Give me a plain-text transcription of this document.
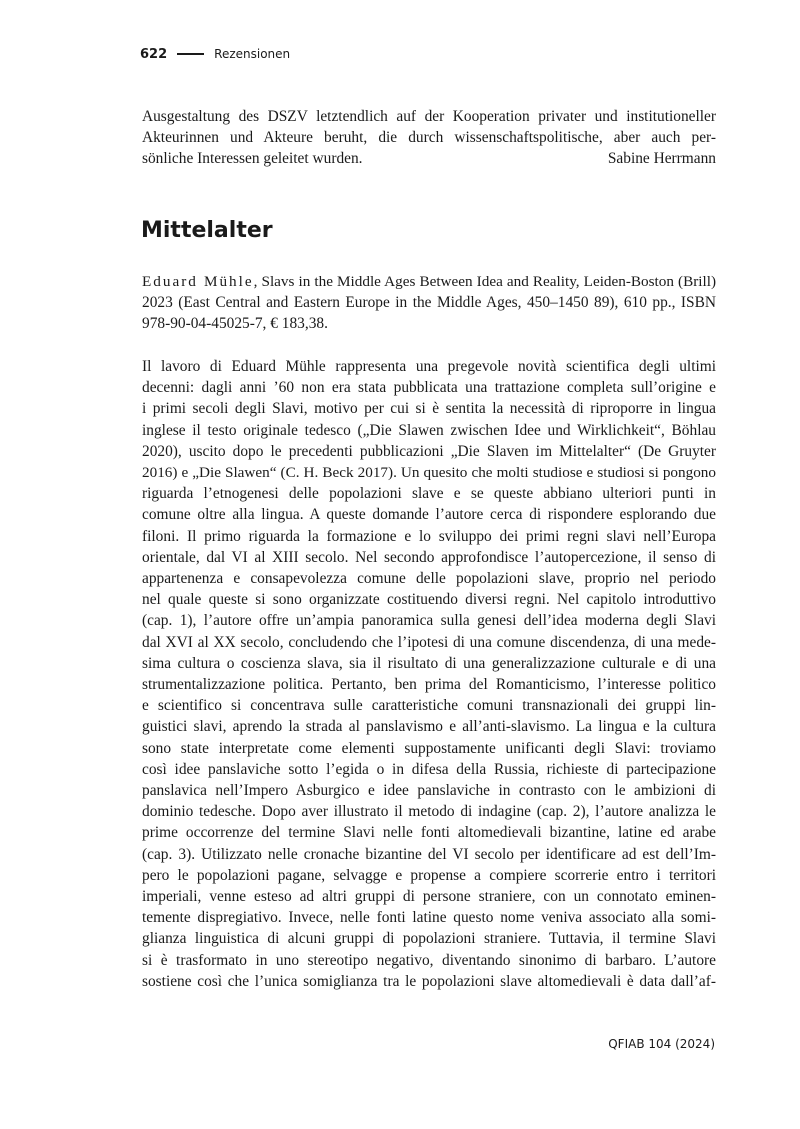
622	Rezensionen
Ausgestaltung des DSZV letztendlich auf der Kooperation privater und institutioneller
Akteurinnen und Akteure beruht, die durch wissenschaftspolitische, aber auch per-
sönliche Interessen geleitet wurden.	Sabine Herrmann
Mittelalter
Eduard Mühle, Slavs in the Middle Ages Between Idea and Reality, Leiden-Boston (Brill)
2023 (East Central and Eastern Europe in the Middle Ages, 450–1450 89), 610 pp., ISBN
978-90-04-45025-7, € 183,38.
Il lavoro di Eduard Mühle rappresenta una pregevole novità scientifica degli ultimi
decenni: dagli anni ’60 non era stata pubblicata una trattazione completa sull’origine e
i primi secoli degli Slavi, motivo per cui si è sentita la necessità di riproporre in lingua
inglese il testo originale tedesco („Die Slawen zwischen Idee und Wirklichkeit“, Böhlau
2020), uscito dopo le precedenti pubblicazioni „Die Slaven im Mittelalter“ (De Gruyter
2016) e „Die Slawen“ (C. H. Beck 2017). Un quesito che molti studiose e studiosi si pongono
riguarda l’etnogenesi delle popolazioni slave e se queste abbiano ulteriori punti in
comune oltre alla lingua. A queste domande l’autore cerca di rispondere esplorando due
filoni. Il primo riguarda la formazione e lo sviluppo dei primi regni slavi nell’Europa
orientale, dal VI al XIII secolo. Nel secondo approfondisce l’autopercezione, il senso di
appartenenza e consapevolezza comune delle popolazioni slave, proprio nel periodo
nel quale queste si sono organizzate costituendo diversi regni. Nel capitolo introduttivo
(cap. 1), l’autore offre un’ampia panoramica sulla genesi dell’idea moderna degli Slavi
dal XVI al XX secolo, concludendo che l’ipotesi di una comune discendenza, di una mede-
sima cultura o coscienza slava, sia il risultato di una generalizzazione culturale e di una
strumentalizzazione politica. Pertanto, ben prima del Romanticismo, l’interesse politico
e scientifico si concentrava sulle caratteristiche comuni transnazionali dei gruppi lin-
guistici slavi, aprendo la strada al panslavismo e all’anti-slavismo. La lingua e la cultura
sono state interpretate come elementi suppostamente unificanti degli Slavi: troviamo
così idee panslaviche sotto l’egida o in difesa della Russia, richieste di partecipazione
panslavica nell’Impero Asburgico e idee panslaviche in contrasto con le ambizioni di
dominio tedesche. Dopo aver illustrato il metodo di indagine (cap. 2), l’autore analizza le
prime occorrenze del termine Slavi nelle fonti altomedievali bizantine, latine ed arabe
(cap. 3). Utilizzato nelle cronache bizantine del VI secolo per identificare ad est dell’Im-
pero le popolazioni pagane, selvagge e propense a compiere scorrerie entro i territori
imperiali, venne esteso ad altri gruppi di persone straniere, con un connotato eminen-
temente dispregiativo. Invece, nelle fonti latine questo nome veniva associato alla somi-
glianza linguistica di alcuni gruppi di popolazioni straniere. Tuttavia, il termine Slavi
si è trasformato in uno stereotipo negativo, diventando sinonimo di barbaro. L’autore
sostiene così che l’unica somiglianza tra le popolazioni slave altomedievali è data dall’af-
QFIAB 104 (2024)
